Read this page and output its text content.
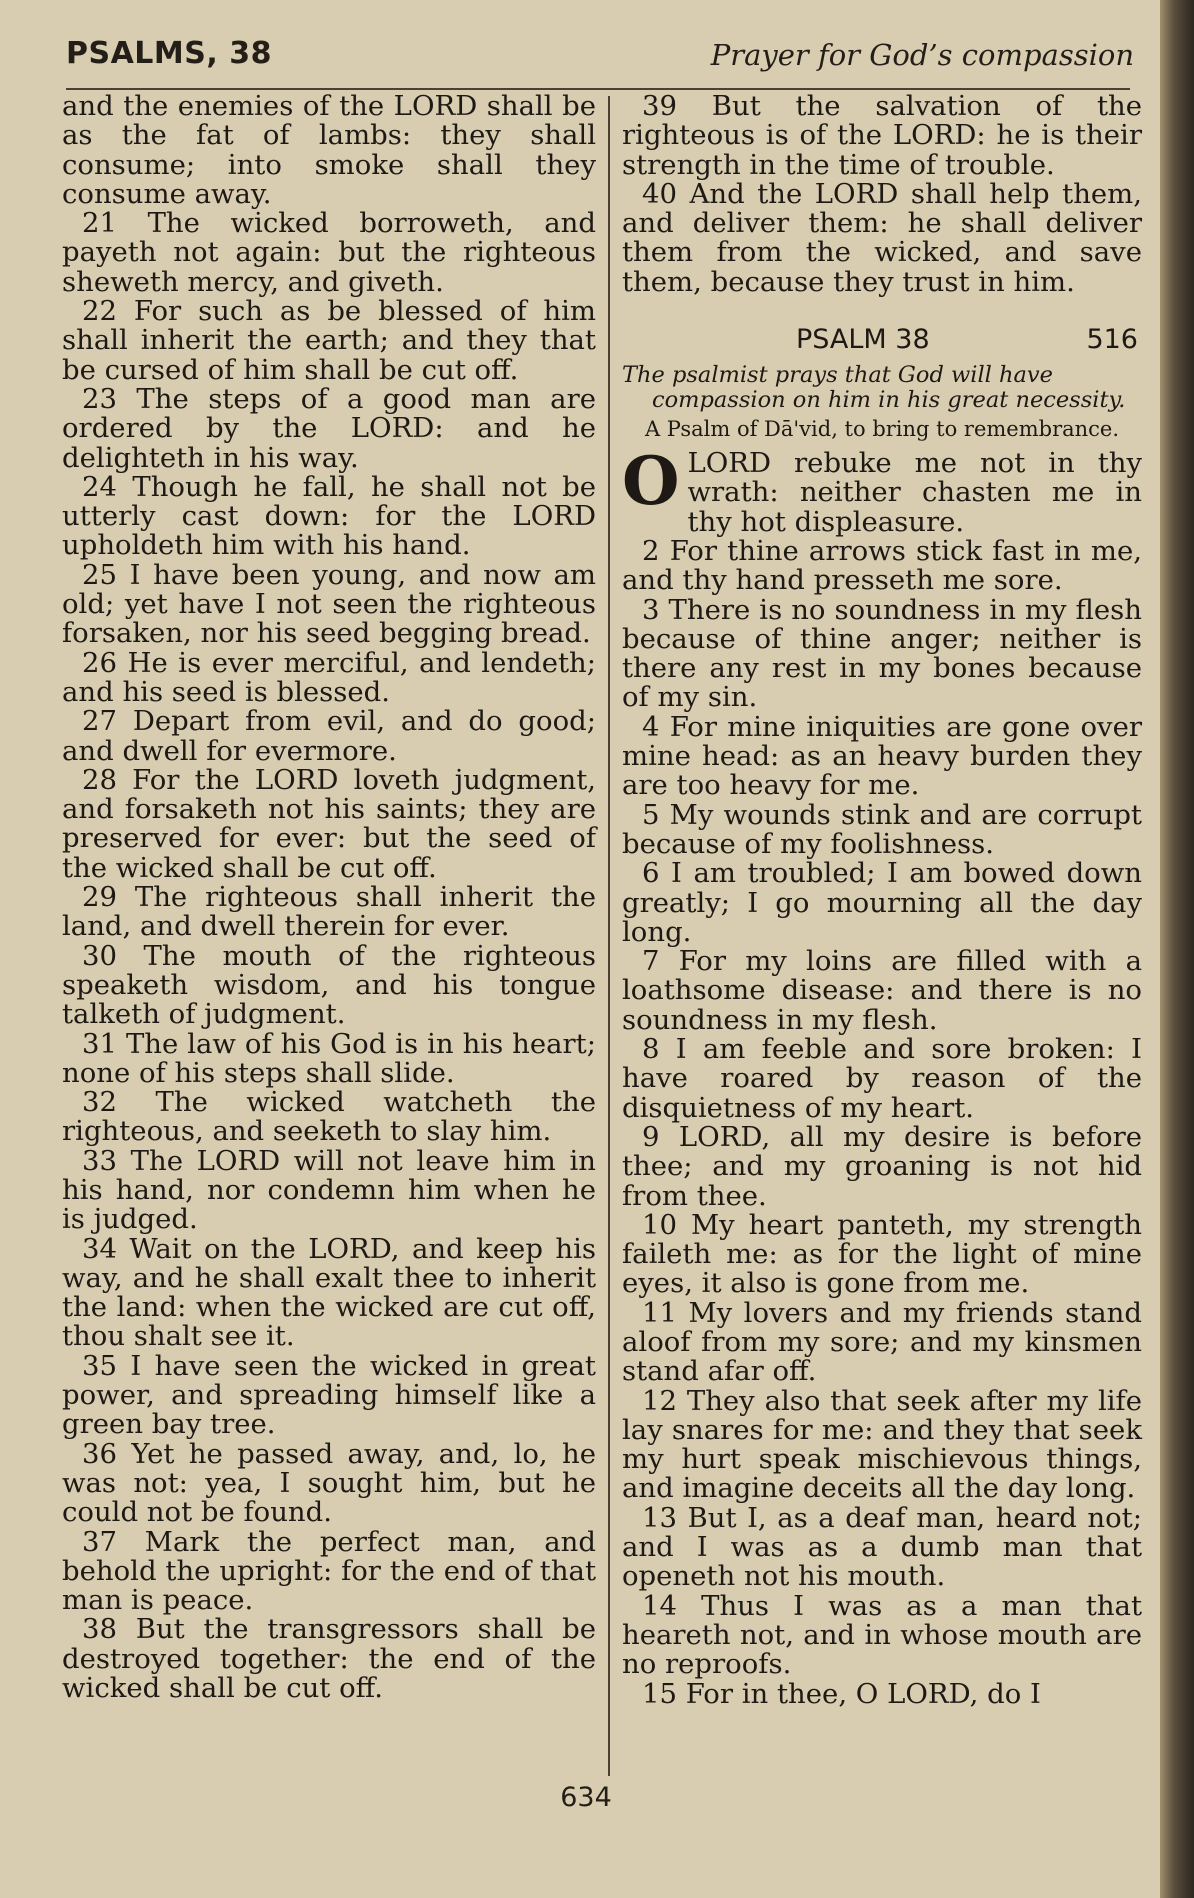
PSALMS, 38	Prayer for God’s compassion

and the enemies of the LORD shall be as the fat of lambs: they shall consume; into smoke shall they consume away.

21 The wicked borroweth, and payeth not again: but the righteous sheweth mercy, and giveth.

22 For such as be blessed of him shall inherit the earth; and they that be cursed of him shall be cut off.

23 The steps of a good man are ordered by the LORD: and he delighteth in his way.

24 Though he fall, he shall not be utterly cast down: for the LORD upholdeth him with his hand.

25 I have been young, and now am old; yet have I not seen the righteous forsaken, nor his seed begging bread.

26 He is ever merciful, and lendeth; and his seed is blessed.

27 Depart from evil, and do good; and dwell for evermore.

28 For the LORD loveth judgment, and forsaketh not his saints; they are preserved for ever: but the seed of the wicked shall be cut off.

29 The righteous shall inherit the land, and dwell therein for ever.

30 The mouth of the righteous speaketh wisdom, and his tongue talketh of judgment.

31 The law of his God is in his heart; none of his steps shall slide.

32 The wicked watcheth the righteous, and seeketh to slay him.

33 The LORD will not leave him in his hand, nor condemn him when he is judged.

34 Wait on the LORD, and keep his way, and he shall exalt thee to inherit the land: when the wicked are cut off, thou shalt see it.

35 I have seen the wicked in great power, and spreading himself like a green bay tree.

36 Yet he passed away, and, lo, he was not: yea, I sought him, but he could not be found.

37 Mark the perfect man, and behold the upright: for the end of that man is peace.

38 But the transgressors shall be destroyed together: the end of the wicked shall be cut off.

39 But the salvation of the righteous is of the LORD: he is their strength in the time of trouble.

40 And the LORD shall help them, and deliver them: he shall deliver them from the wicked, and save them, because they trust in him.

PSALM 38	516

The psalmist prays that God will have compassion on him in his great necessity.

A Psalm of Dā'vid, to bring to remembrance.

OLORD rebuke me not in thy wrath: neither chasten me in thy hot displeasure.

2 For thine arrows stick fast in me, and thy hand presseth me sore.

3 There is no soundness in my flesh because of thine anger; neither is there any rest in my bones because of my sin.

4 For mine iniquities are gone over mine head: as an heavy burden they are too heavy for me.

5 My wounds stink and are corrupt because of my foolishness.

6 I am troubled; I am bowed down greatly; I go mourning all the day long.

7 For my loins are filled with a loathsome disease: and there is no soundness in my flesh.

8 I am feeble and sore broken: I have roared by reason of the disquietness of my heart.

9 LORD, all my desire is before thee; and my groaning is not hid from thee.

10 My heart panteth, my strength faileth me: as for the light of mine eyes, it also is gone from me.

11 My lovers and my friends stand aloof from my sore; and my kinsmen stand afar off.

12 They also that seek after my life lay snares for me: and they that seek my hurt speak mischievous things, and imagine deceits all the day long.

13 But I, as a deaf man, heard not; and I was as a dumb man that openeth not his mouth.

14 Thus I was as a man that heareth not, and in whose mouth are no reproofs.

15 For in thee, O LORD, do I

634
